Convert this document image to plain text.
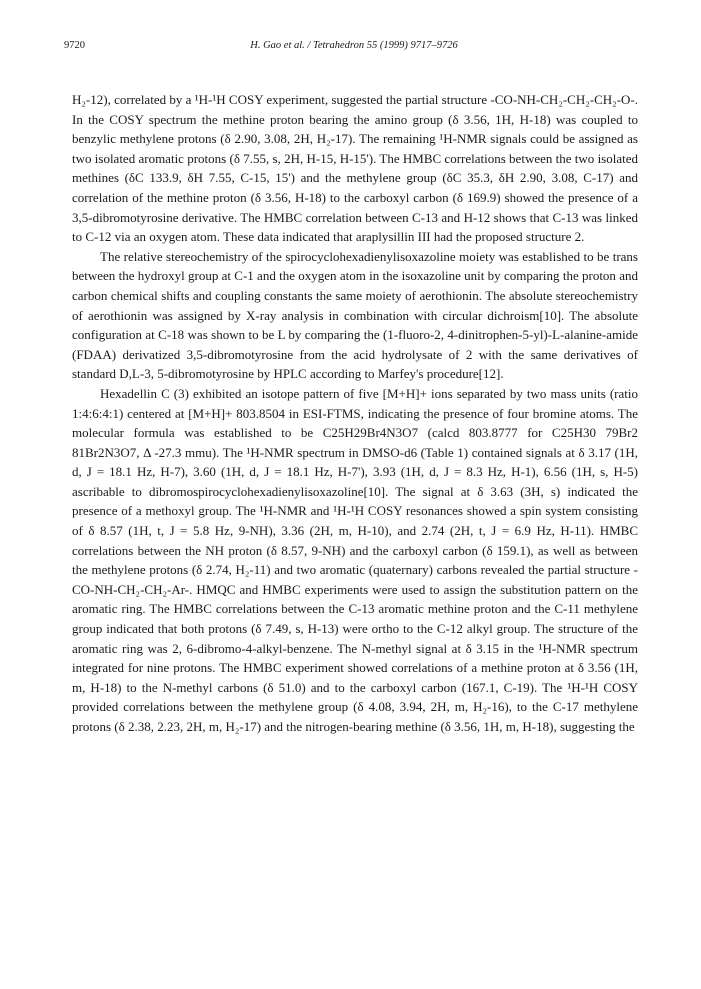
9720	H. Gao et al. / Tetrahedron 55 (1999) 9717–9726

H₂-12), correlated by a ¹H-¹H COSY experiment, suggested the partial structure -CO-NH-CH₂-CH₂-CH₂-O-. In the COSY spectrum the methine proton bearing the amino group (δ 3.56, 1H, H-18) was coupled to benzylic methylene protons (δ 2.90, 3.08, 2H, H₂-17). The remaining ¹H-NMR signals could be assigned as two isolated aromatic protons (δ 7.55, s, 2H, H-15, H-15'). The HMBC correlations between the two isolated methines (δC 133.9, δH 7.55, C-15, 15') and the methylene group (δC 35.3, δH 2.90, 3.08, C-17) and correlation of the methine proton (δ 3.56, H-18) to the carboxyl carbon (δ 169.9) showed the presence of a 3,5-dibromotyrosine derivative. The HMBC correlation between C-13 and H-12 shows that C-13 was linked to C-12 via an oxygen atom. These data indicated that araplysillin III had the proposed structure 2.

The relative stereochemistry of the spirocyclohexadienylisoxazoline moiety was established to be trans between the hydroxyl group at C-1 and the oxygen atom in the isoxazoline unit by comparing the proton and carbon chemical shifts and coupling constants the same moiety of aerothionin. The absolute stereochemistry of aerothionin was assigned by X-ray analysis in combination with circular dichroism[10]. The absolute configuration at C-18 was shown to be L by comparing the (1-fluoro-2, 4-dinitrophen-5-yl)-L-alanine-amide (FDAA) derivatized 3,5-dibromotyrosine from the acid hydrolysate of 2 with the same derivatives of standard D,L-3, 5-dibromotyrosine by HPLC according to Marfey's procedure[12].

Hexadellin C (3) exhibited an isotope pattern of five [M+H]+ ions separated by two mass units (ratio 1:4:6:4:1) centered at [M+H]+ 803.8504 in ESI-FTMS, indicating the presence of four bromine atoms. The molecular formula was established to be C25H29Br4N3O7 (calcd 803.8777 for C25H30 79Br2 81Br2N3O7, Δ -27.3 mmu). The ¹H-NMR spectrum in DMSO-d6 (Table 1) contained signals at δ 3.17 (1H, d, J = 18.1 Hz, H-7), 3.60 (1H, d, J = 18.1 Hz, H-7'), 3.93 (1H, d, J = 8.3 Hz, H-1), 6.56 (1H, s, H-5) ascribable to dibromospirocyclohexadienylisoxazoline[10]. The signal at δ 3.63 (3H, s) indicated the presence of a methoxyl group. The ¹H-NMR and ¹H-¹H COSY resonances showed a spin system consisting of δ 8.57 (1H, t, J = 5.8 Hz, 9-NH), 3.36 (2H, m, H-10), and 2.74 (2H, t, J = 6.9 Hz, H-11). HMBC correlations between the NH proton (δ 8.57, 9-NH) and the carboxyl carbon (δ 159.1), as well as between the methylene protons (δ 2.74, H₂-11) and two aromatic (quaternary) carbons revealed the partial structure -CO-NH-CH₂-CH₂-Ar-. HMQC and HMBC experiments were used to assign the substitution pattern on the aromatic ring. The HMBC correlations between the C-13 aromatic methine proton and the C-11 methylene group indicated that both protons (δ 7.49, s, H-13) were ortho to the C-12 alkyl group. The structure of the aromatic ring was 2, 6-dibromo-4-alkyl-benzene. The N-methyl signal at δ 3.15 in the ¹H-NMR spectrum integrated for nine protons. The HMBC experiment showed correlations of a methine proton at δ 3.56 (1H, m, H-18) to the N-methyl carbons (δ 51.0) and to the carboxyl carbon (167.1, C-19). The ¹H-¹H COSY provided correlations between the methylene group (δ 4.08, 3.94, 2H, m, H₂-16), to the C-17 methylene protons (δ 2.38, 2.23, 2H, m, H₂-17) and the nitrogen-bearing methine (δ 3.56, 1H, m, H-18), suggesting the
